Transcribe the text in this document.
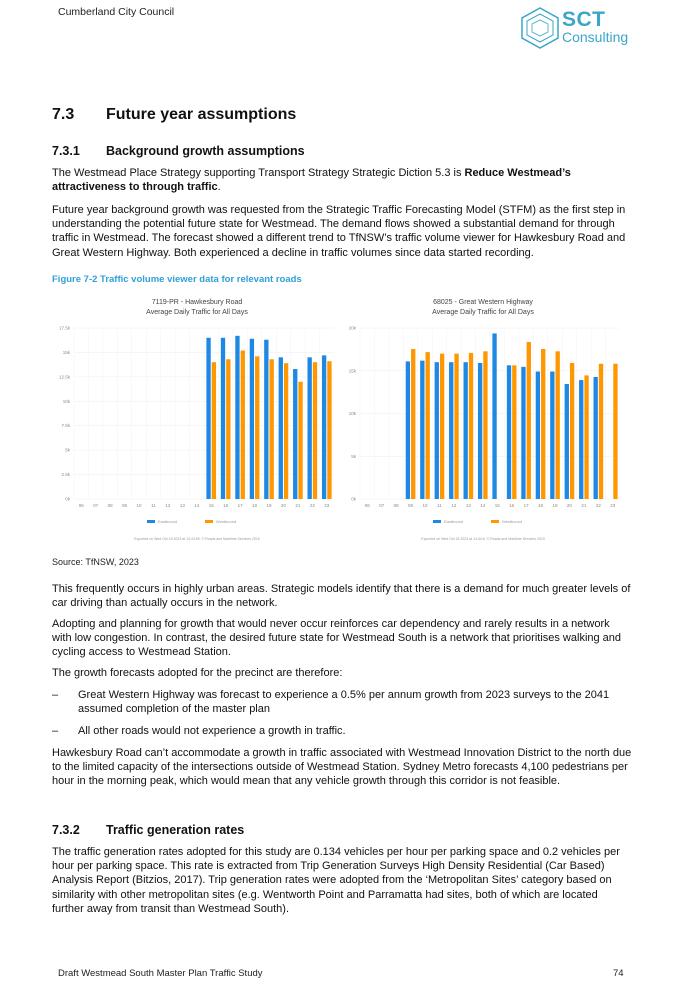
Cumberland City Council	SCT
Consulting
7.3 Future year assumptions
7.3.1 Background growth assumptions

The Westmead Place Strategy supporting Transport Strategy Strategic Diction 5.3 is Reduce Westmead’s attractiveness to through traffic.

Future year background growth was requested from the Strategic Traffic Forecasting Model (STFM) as the first step in understanding the potential future state for Westmead. The demand flows showed a substantial demand for through traffic in Westmead. The forecast showed a different trend to TfNSW’s traffic volume viewer for Hawkesbury Road and Great Western Highway. Both experienced a decline in traffic volumes since data started recording.

Figure 7-2 Traffic volume viewer data for relevant roads
7119-PR - Hawkesbury Road
Average Daily Traffic for All Days
0k
2.5k
5k
7.5k
10k
12.5k
15k
17.5k
06 07 08 09 10 11 12 13 14 15 16 17 18 19 20 21 22 23
Eastbound	Westbound
Exported on Wed Oct 18 2023 at 14:43:59. © Roads and Maritime Services 2015
68025 - Great Western Highway
Average Daily Traffic for All Days
0k
5k
10k
15k
20k
06 07 08 09 10 11 12 13 14 15 16 17 18 19 20 21 22 23
Eastbound	Westbound
Exported on Wed Oct 18 2023 at 14:44:6. © Roads and Maritime Services 2015
Source: TfNSW, 2023

This frequently occurs in highly urban areas. Strategic models identify that there is a demand for much greater levels of car driving than actually occurs in the network.

Adopting and planning for growth that would never occur reinforces car dependency and rarely results in a network with low congestion. In contrast, the desired future state for Westmead South is a network that prioritises walking and cycling access to Westmead Station.

The growth forecasts adopted for the precinct are therefore:

– Great Western Highway was forecast to experience a 0.5% per annum growth from 2023 surveys to the 2041 assumed completion of the master plan
– All other roads would not experience a growth in traffic.

Hawkesbury Road can’t accommodate a growth in traffic associated with Westmead Innovation District to the north due to the limited capacity of the intersections outside of Westmead Station. Sydney Metro forecasts 4,100 pedestrians per hour in the morning peak, which would mean that any vehicle growth through this corridor is not feasible.

7.3.2 Traffic generation rates

The traffic generation rates adopted for this study are 0.134 vehicles per hour per parking space and 0.2 vehicles per hour per parking space. This rate is extracted from Trip Generation Surveys High Density Residential (Car Based) Analysis Report (Bitzios, 2017). Trip generation rates were adopted from the ‘Metropolitan Sites’ category based on similarity with other metropolitan sites (e.g. Wentworth Point and Parramatta had sites, both of which are located further away from transit than Westmead South).

Draft Westmead South Master Plan Traffic Study	74
